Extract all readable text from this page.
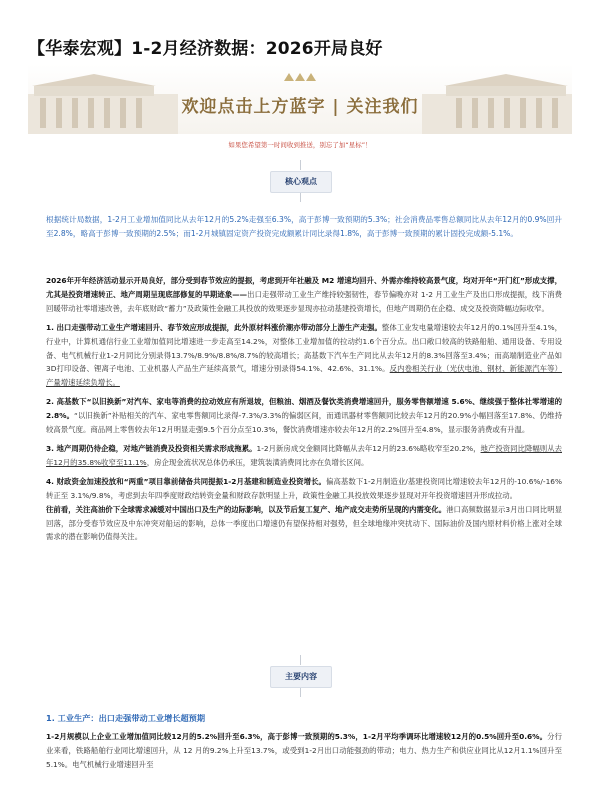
【华泰宏观】1-2月经济数据：2026开局良好
欢迎点击上方蓝字 | 关注我们
如果您希望第一时间收到推送，别忘了加“星标”！
核心观点
根据统计局数据，1-2月工业增加值同比从去年12月的5.2%走强至6.3%，高于彭博一致预期的5.3%；社会消费品零售总额同比从去年12月的0.9%回升至2.8%，略高于彭博一致预期的2.5%；而1-2月城镇固定资产投资完成额累计同比录得1.8%，高于彭博一致预期的累计固投完成额-5.1%。

2026年开年经济活动显示开局良好，部分受到春节效应的提振，考虑到开年社融及 M2 增速均回升、外需亦维持较高景气度，均对开年“开门红”形成支撑，尤其是投资增速转正、地产周期呈现底部修复的早期迹象——出口走强带动工业生产维持较强韧性，春节偏晚亦对 1-2 月工业生产及出口形成提振，线下消费回暖带动社零增速改善，去年底财政“蓄力”及政策性金融工具投放的效果逐步显现亦拉动基建投资增长，但地产周期仍在企稳、成交及投资降幅边际收窄。

1. 出口走强带动工业生产增速回升、春节效应形成提振，此外原材料涨价潮亦带动部分上游生产走强。整体工业发电量增速较去年12月的0.1%回升至4.1%，行业中，计算机通信行业工业增加值同比增速进一步走高至14.2%，对整体工业增加值的拉动约1.6个百分点。出口敞口较高的铁路船舶、通用设备、专用设备、电气机械行业1-2月同比分别录得13.7%/8.9%/8.8%/8.7%的较高增长；高基数下汽车生产同比从去年12月的8.3%回落至3.4%；而高端制造业产品如3D打印设备、锂离子电池、工业机器人产品生产延续高景气，增速分别录得54.1%、42.6%、31.1%。反内卷相关行业（光伏电池、钢材、新能源汽车等）产量增速延续负增长。

2. 高基数下“以旧换新”对汽车、家电等消费的拉动效应有所退坡，但粮油、烟酒及餐饮类消费增速回升，服务零售额增速 5.6%、继续强于整体社零增速的2.8%。“以旧换新”补贴相关的汽车、家电零售额同比录得-7.3%/3.3%的偏弱区间，而通讯器材零售额同比较去年12月的20.9%小幅回落至17.8%、仍维持较高景气度。商品网上零售较去年12月明显走强9.5个百分点至10.3%，餐饮消费增速亦较去年12月的2.2%回升至4.8%，显示服务消费或有升温。

3. 地产周期仍待企稳，对地产链消费及投资相关需求形成拖累。1-2月新房成交金额同比降幅从去年12月的23.6%略收窄至20.2%，地产投资同比降幅则从去年12月的35.8%收窄至11.1%，房企现金流状况总体仍承压，建筑装潢消费同比亦在负增长区间。

4. 财政资金加速投放和“两重”项目靠前储备共同提振1-2月基建和制造业投资增长。偏高基数下1-2月制造业/基建投资同比增速较去年12月的-10.6%/-16%转正至 3.1%/9.8%，考虑到去年四季度财政结转资金量和财政存款明显上升，政策性金融工具投放效果逐步显现对开年投资增速回升形成拉动。

往前看，关注高油价下全球需求减缓对中国出口及生产的边际影响，以及节后复工复产、地产成交走势所呈现的内需变化。港口高频数据显示3月出口同比明显回落，部分受春节效应及中东冲突对船运的影响，总体一季度出口增速仍有望保持相对强势，但全球地缘冲突扰动下、国际油价及国内原材料价格上涨对全球需求的潜在影响仍值得关注。

主要内容
1. 工业生产：出口走强带动工业增长超预期
1-2月规模以上企业工业增加值同比较12月的5.2%回升至6.3%，高于彭博一致预期的5.3%，1-2月平均季调环比增速较12月的0.5%回升至0.6%。分行业来看，铁路船舶行业同比增速回升，从 12 月的9.2%上升至13.7%，或受到1-2月出口动能强劲的带动；电力、热力生产和供应业同比从12月1.1%回升至5.1%。电气机械行业增速回升至
